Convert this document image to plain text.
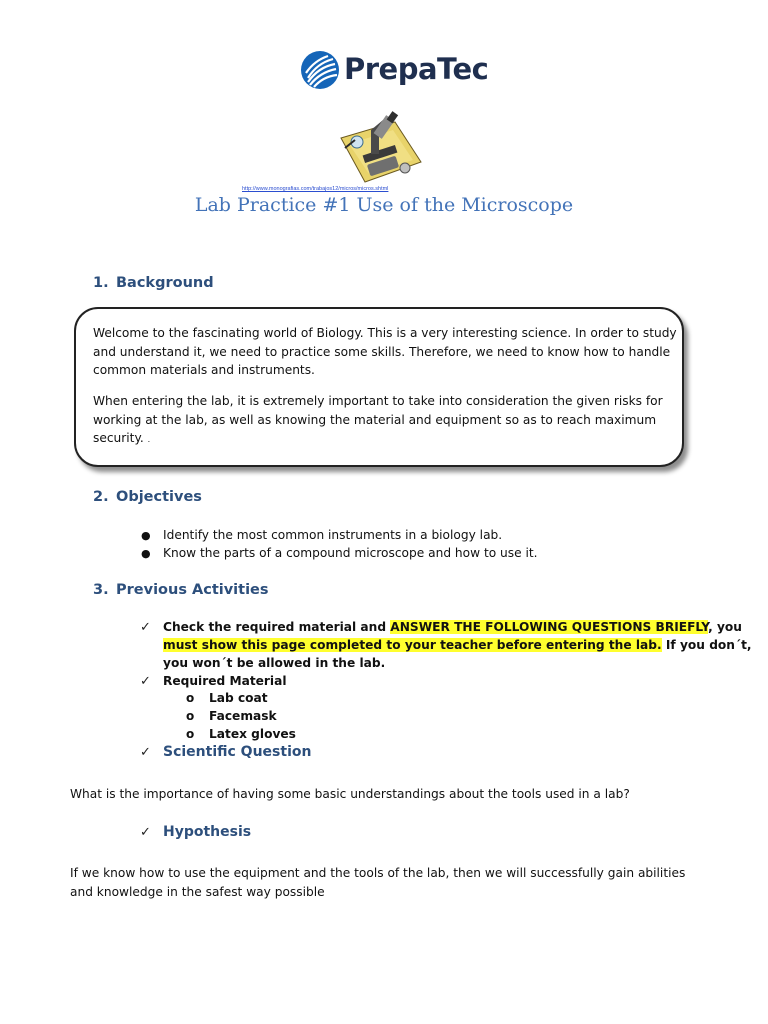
PrepaTec
http://www.monografias.com/trabajos12/micros/micros.shtml
Lab Practice #1 Use of the Microscope
1. Background
Welcome to the fascinating world of Biology. This is a very interesting science. In order to study and understand it, we need to practice some skills. Therefore, we need to know how to handle common materials and instruments.
When entering the lab, it is extremely important to take into consideration the given risks for working at the lab, as well as knowing the material and equipment so as to reach maximum security. .
2. Objectives
● Identify the most common instruments in a biology lab.
● Know the parts of a compound microscope and how to use it.
3. Previous Activities
✓ Check the required material and ANSWER THE FOLLOWING QUESTIONS BRIEFLY, you
must show this page completed to your teacher before entering the lab. If you don´t,
you won´t be allowed in the lab.
✓ Required Material
o Lab coat
o Facemask
o Latex gloves
✓ Scientific Question
What is the importance of having some basic understandings about the tools used in a lab?
✓ Hypothesis
If we know how to use the equipment and the tools of the lab, then we will successfully gain abilities and knowledge in the safest way possible
